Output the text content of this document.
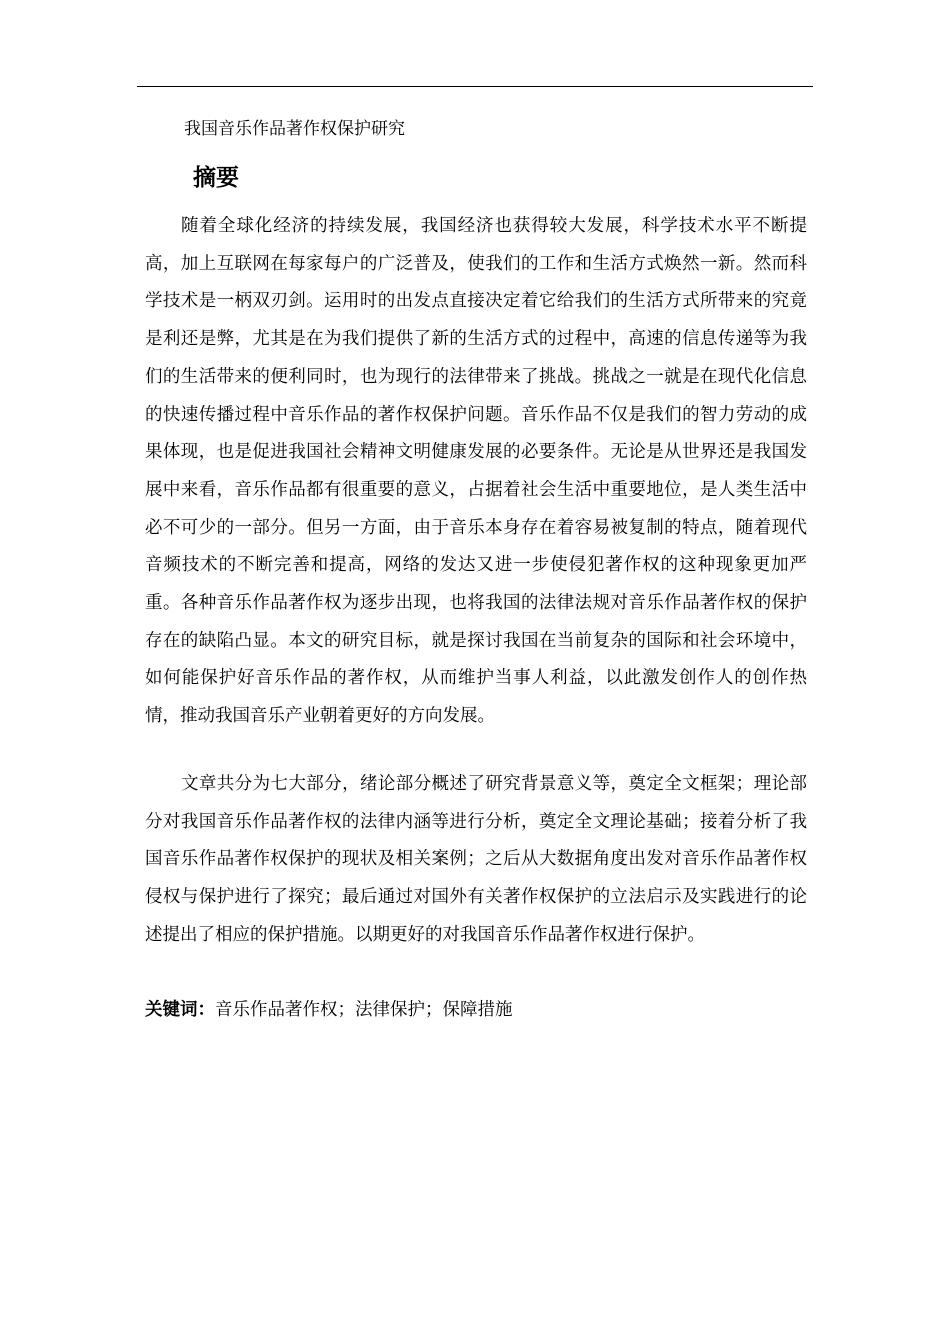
我国音乐作品著作权保护研究
摘要

随着全球化经济的持续发展，我国经济也获得较大发展，科学技术水平不断提高，加上互联网在每家每户的广泛普及，使我们的工作和生活方式焕然一新。然而科学技术是一柄双刃剑。运用时的出发点直接决定着它给我们的生活方式所带来的究竟是利还是弊，尤其是在为我们提供了新的生活方式的过程中，高速的信息传递等为我们的生活带来的便利同时，也为现行的法律带来了挑战。挑战之一就是在现代化信息的快速传播过程中音乐作品的著作权保护问题。音乐作品不仅是我们的智力劳动的成果体现，也是促进我国社会精神文明健康发展的必要条件。无论是从世界还是我国发展中来看，音乐作品都有很重要的意义，占据着社会生活中重要地位，是人类生活中必不可少的一部分。但另一方面，由于音乐本身存在着容易被复制的特点，随着现代音频技术的不断完善和提高，网络的发达又进一步使侵犯著作权的这种现象更加严重。各种音乐作品著作权为逐步出现，也将我国的法律法规对音乐作品著作权的保护存在的缺陷凸显。本文的研究目标，就是探讨我国在当前复杂的国际和社会环境中，如何能保护好音乐作品的著作权，从而维护当事人利益，以此激发创作人的创作热情，推动我国音乐产业朝着更好的方向发展。

文章共分为七大部分，绪论部分概述了研究背景意义等，奠定全文框架；理论部分对我国音乐作品著作权的法律内涵等进行分析，奠定全文理论基础；接着分析了我国音乐作品著作权保护的现状及相关案例；之后从大数据角度出发对音乐作品著作权侵权与保护进行了探究；最后通过对国外有关著作权保护的立法启示及实践进行的论述提出了相应的保护措施。以期更好的对我国音乐作品著作权进行保护。

关键词：音乐作品著作权；法律保护；保障措施
